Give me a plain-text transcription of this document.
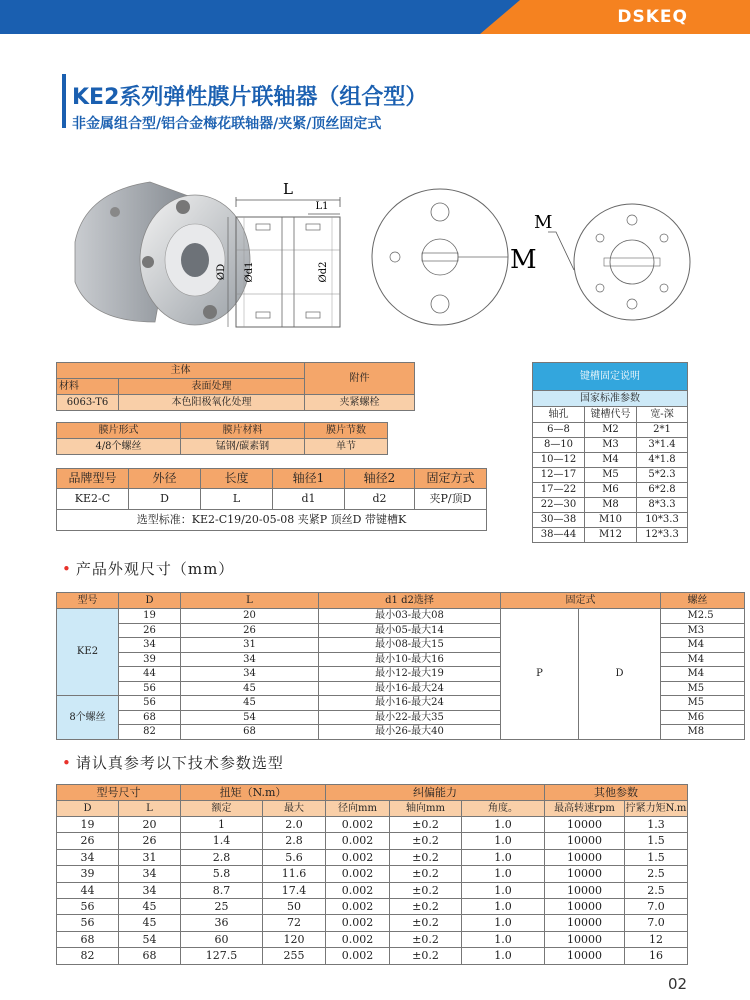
DSKEQ
KE2系列弹性膜片联轴器（组合型）
非金属组合型/铝合金梅花联轴器/夹紧/顶丝固定式
L
L1
ØD Ød1	Ød2	M
M
主体		附件
材料	表面处理	
6063-T6	本色阳极氧化处理	夹紧螺栓
膜片形式	膜片材料	膜片节数
4/8个螺丝	锰钢/碳素钢	单节
品牌型号	外径	长度	轴径1	轴径2	固定方式
KE2-C	D	L	d1	d2	夹P/顶D
选型标准：KE2-C19/20-05-08 夹紧P 顶丝D 带键槽K					
键槽固定说明		
国家标准参数		
轴孔	键槽代号	宽-深
6—8	M2	2*1
8—10	M3	3*1.4
10—12	M4	4*1.8
12—17	M5	5*2.3
17—22	M6	6*2.8
22—30	M8	8*3.3
30—38	M10	10*3.3
38—44	M12	12*3.3
• 产品外观尺寸（mm）
型号	D	L	d1 d2选择	固定式			螺丝
KE2	19	20	最小03-最大08	P	D		M2.5
	26	26	最小05-最大14				M3
	34	31	最小08-最大15				M4
	39	34	最小10-最大16				M4
	44	34	最小12-最大19				M4
	56	45	最小16-最大24				M5
8个螺丝	56	45	最小16-最大24				M5
	68	54	最小22-最大35				M6
	82	68	最小26-最大40				M8
• 请认真参考以下技术参数选型
型号尺寸		扭矩（N.m）		纠偏能力			其他参数	
D	L	额定	最大	径向mm	轴向mm	角度。	最高转速rpm	拧紧力矩N.m
19	20	1	2.0	0.002	±0.2	1.0	10000	1.3
26	26	1.4	2.8	0.002	±0.2	1.0	10000	1.5
34	31	2.8	5.6	0.002	±0.2	1.0	10000	1.5
39	34	5.8	11.6	0.002	±0.2	1.0	10000	2.5
44	34	8.7	17.4	0.002	±0.2	1.0	10000	2.5
56	45	25	50	0.002	±0.2	1.0	10000	7.0
56	45	36	72	0.002	±0.2	1.0	10000	7.0
68	54	60	120	0.002	±0.2	1.0	10000	12
82	68	127.5	255	0.002	±0.2	1.0	10000	16
02
